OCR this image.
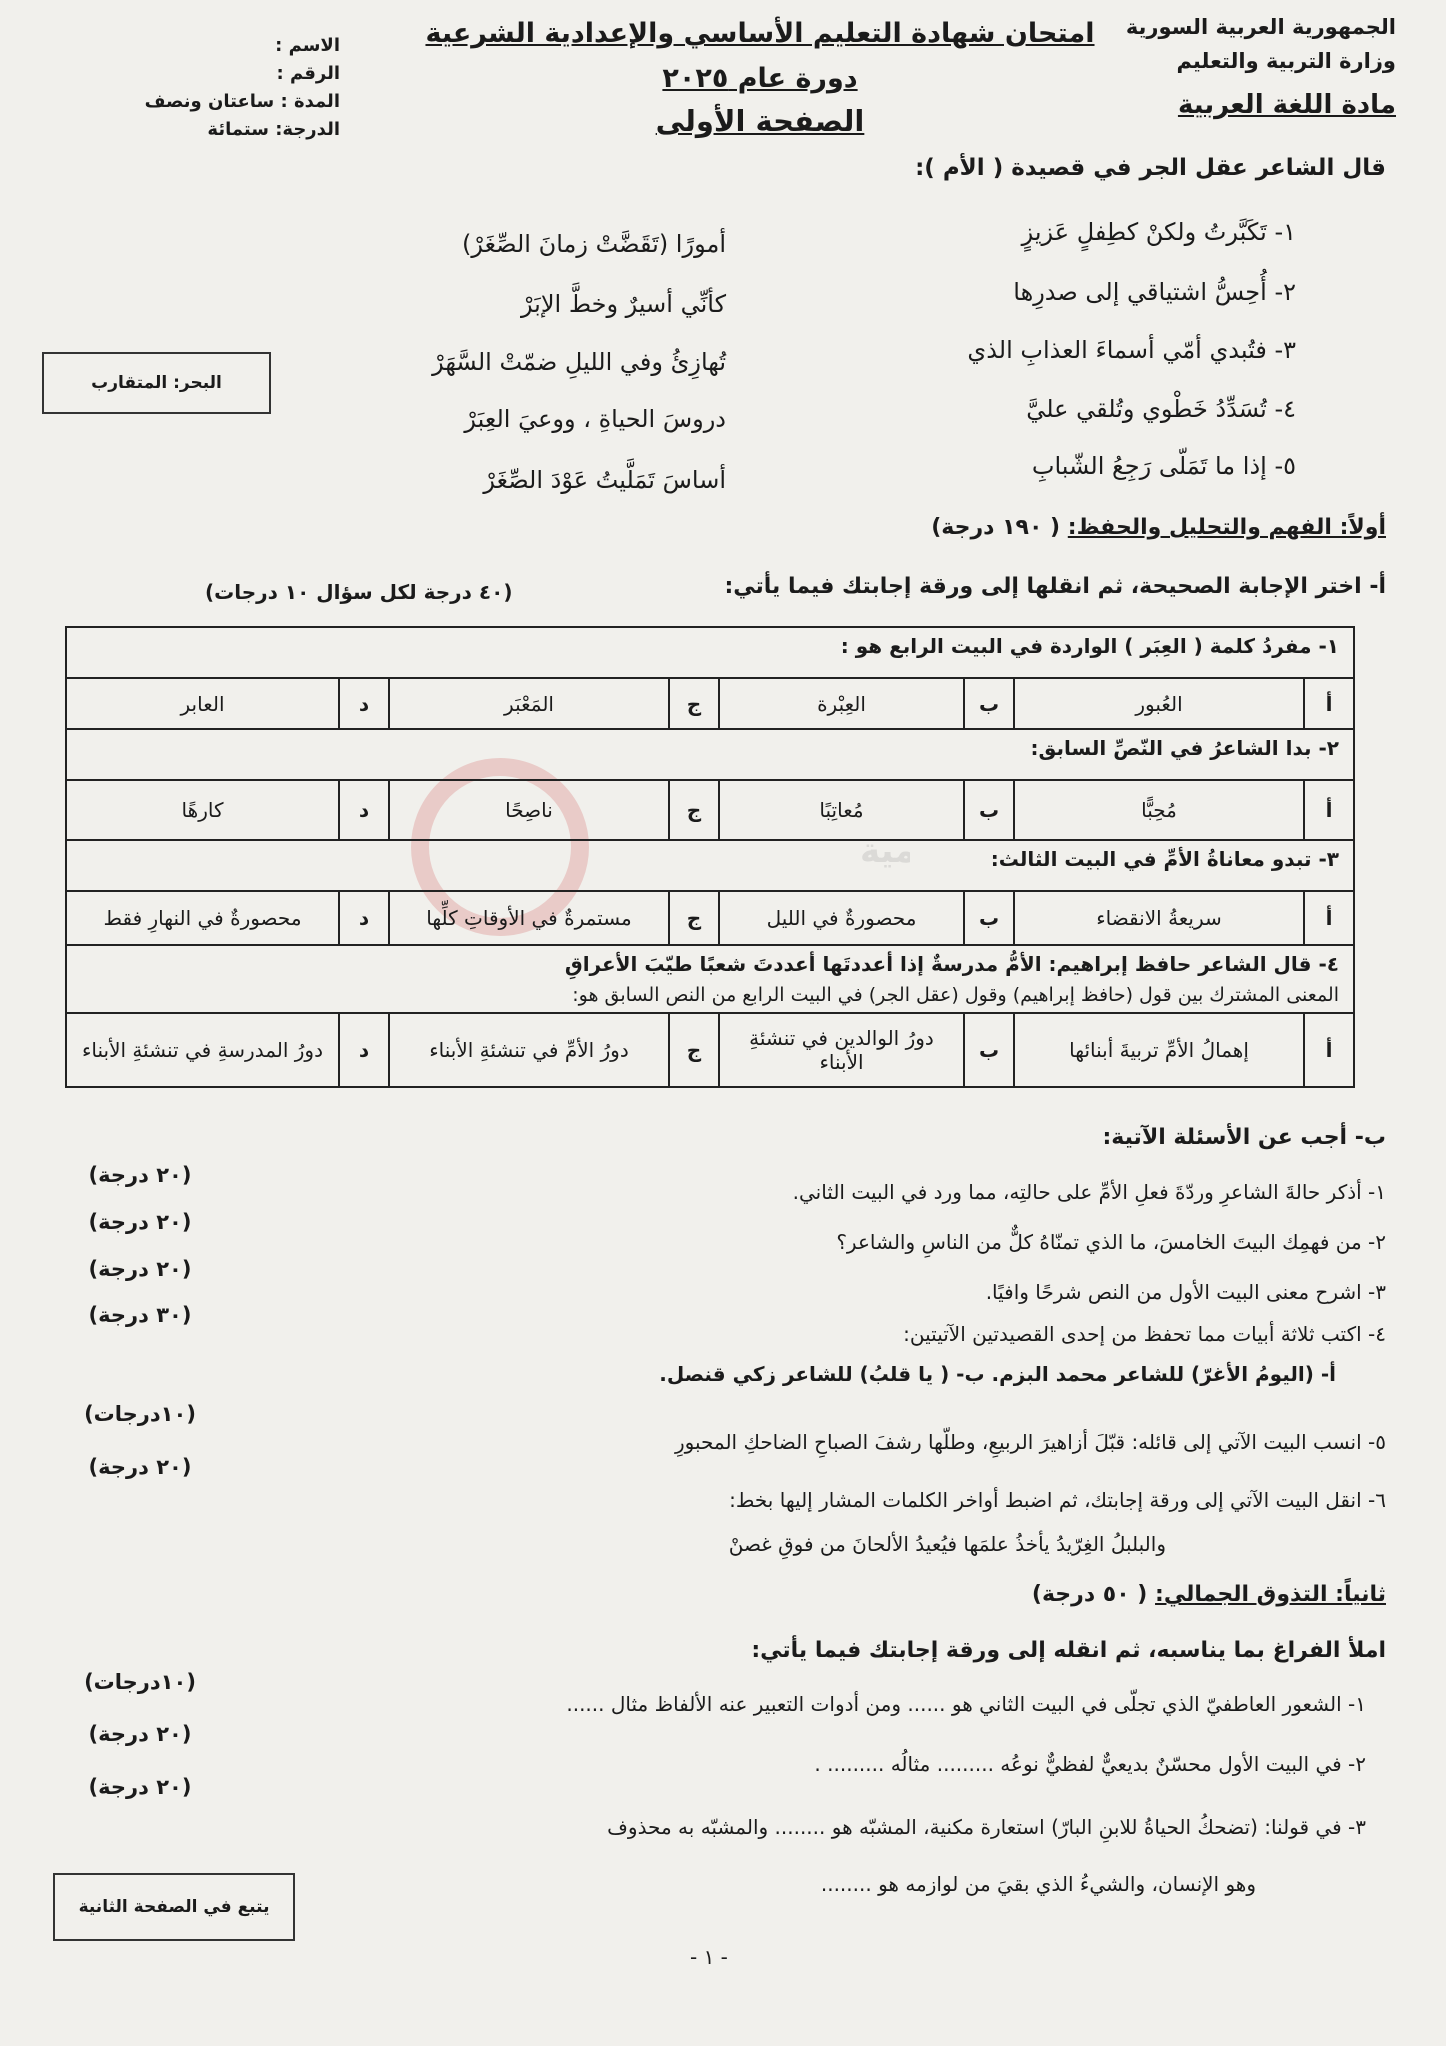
مية
الجمهورية العربية السورية
وزارة التربية والتعليم
مادة اللغة العربية
امتحان شهادة التعليم الأساسي والإعدادية الشرعية
دورة عام ٢٠٢٥
الصفحة الأولى
الاسم :
الرقم :
المدة : ساعتان ونصف
الدرجة: ستمائة
قال الشاعر عقل الجر في قصيدة ( الأم ):
١- تَكَبَّرتُ ولكنْ كطِفلٍ عَزيزٍ
أمورًا (تَقَضَّتْ زمانَ الصِّغَرْ)
٢- أُحِسُّ اشتياقي إلى صدرِها
كأنِّي أسيرٌ وخطَّ الإبَرْ
٣- فتُبدي أمّي أسماءَ العذابِ الذي
تُهازِئُ وفي الليلِ ضمّتْ السَّهَرْ
٤- تُسَدِّدُ خَطْوي وتُلقي عليَّ
دروسَ الحياةِ ، ووعيَ العِبَرْ
٥- إذا ما تَمَلّى رَجِعُ الشّبابِ
أساسَ تَمَلَّيتُ عَوْدَ الصِّغَرْ
البحر: المتقارب
أولاً: الفهم والتحليل والحفظ: ( ١٩٠ درجة)
أ- اختر الإجابة الصحيحة، ثم انقلها إلى ورقة إجابتك فيما يأتي:
(٤٠ درجة لكل سؤال ١٠ درجات)
١- مفردُ كلمة ( العِبَر ) الواردة في البيت الرابع هو :
أ
العُبور
ب
العِبْرة
ج
المَعْبَر
د
العابر
٢- بدا الشاعرُ في النّصِّ السابق:
أ
مُحِبًّا
ب
مُعاتِبًا
ج
ناصِحًا
د
كارهًا
٣- تبدو معاناةُ الأمِّ في البيت الثالث:
أ
سريعةُ الانقضاء
ب
محصورةٌ في الليل
ج
مستمرةٌ في الأوقاتِ كلِّها
د
محصورةٌ في النهارِ فقط
٤- قال الشاعر حافظ إبراهيم: الأمُّ مدرسةٌ إذا أعددتَها أعددتَ شعبًا طيّبَ الأعراقِ
المعنى المشترك بين قول (حافظ إبراهيم) وقول (عقل الجر) في البيت الرابع من النص السابق هو:
أ
إهمالُ الأمِّ تربيةَ أبنائها
ب
دورُ الوالدين في تنشئةِ الأبناء
ج
دورُ الأمِّ في تنشئةِ الأبناء
د
دورُ المدرسةِ في تنشئةِ الأبناء
ب- أجب عن الأسئلة الآتية:
١- أذكر حالةَ الشاعرِ وردّةَ فعلِ الأمِّ على حالتِه، مما ورد في البيت الثاني.
(٢٠ درجة)
٢- من فهمِك البيتَ الخامسَ، ما الذي تمنّاهُ كلٌّ من الناسِ والشاعر؟
(٢٠ درجة)
٣- اشرح معنى البيت الأول من النص شرحًا وافيًا.
(٢٠ درجة)
٤- اكتب ثلاثة أبيات مما تحفظ من إحدى القصيدتين الآتيتين:
(٣٠ درجة)
أ- (اليومُ الأغرّ) للشاعر محمد البزم. ب- ( يا قلبُ) للشاعر زكي قنصل.
٥- انسب البيت الآتي إلى قائله: قبّلَ أزاهيرَ الربيعِ، وطلّها رشفَ الصباحِ الضاحكِ المحبورِ
(١٠درجات)
٦- انقل البيت الآتي إلى ورقة إجابتك، ثم اضبط أواخر الكلمات المشار إليها بخط:
(٢٠ درجة)
والبلبلُ الغِرّيدُ يأخذُ علمَها فيُعيدُ الألحانَ من فوقِ غصنْ
ثانياً: التذوق الجمالي: ( ٥٠ درجة)
املأ الفراغ بما يناسبه، ثم انقله إلى ورقة إجابتك فيما يأتي:
١- الشعور العاطفيّ الذي تجلّى في البيت الثاني هو ...... ومن أدوات التعبير عنه الألفاظ مثال ......
(١٠درجات)
٢- في البيت الأول محسّنٌ بديعيٌّ لفظيٌّ نوعُه ......... مثالُه ......... .
(٢٠ درجة)
٣- في قولنا: (تضحكُ الحياةُ للابنِ البارّ) استعارة مكنية، المشبّه هو ........ والمشبّه به محذوف
(٢٠ درجة)
وهو الإنسان، والشيءُ الذي بقيَ من لوازمه هو ........
يتبع في الصفحة الثانية
- ١ -
